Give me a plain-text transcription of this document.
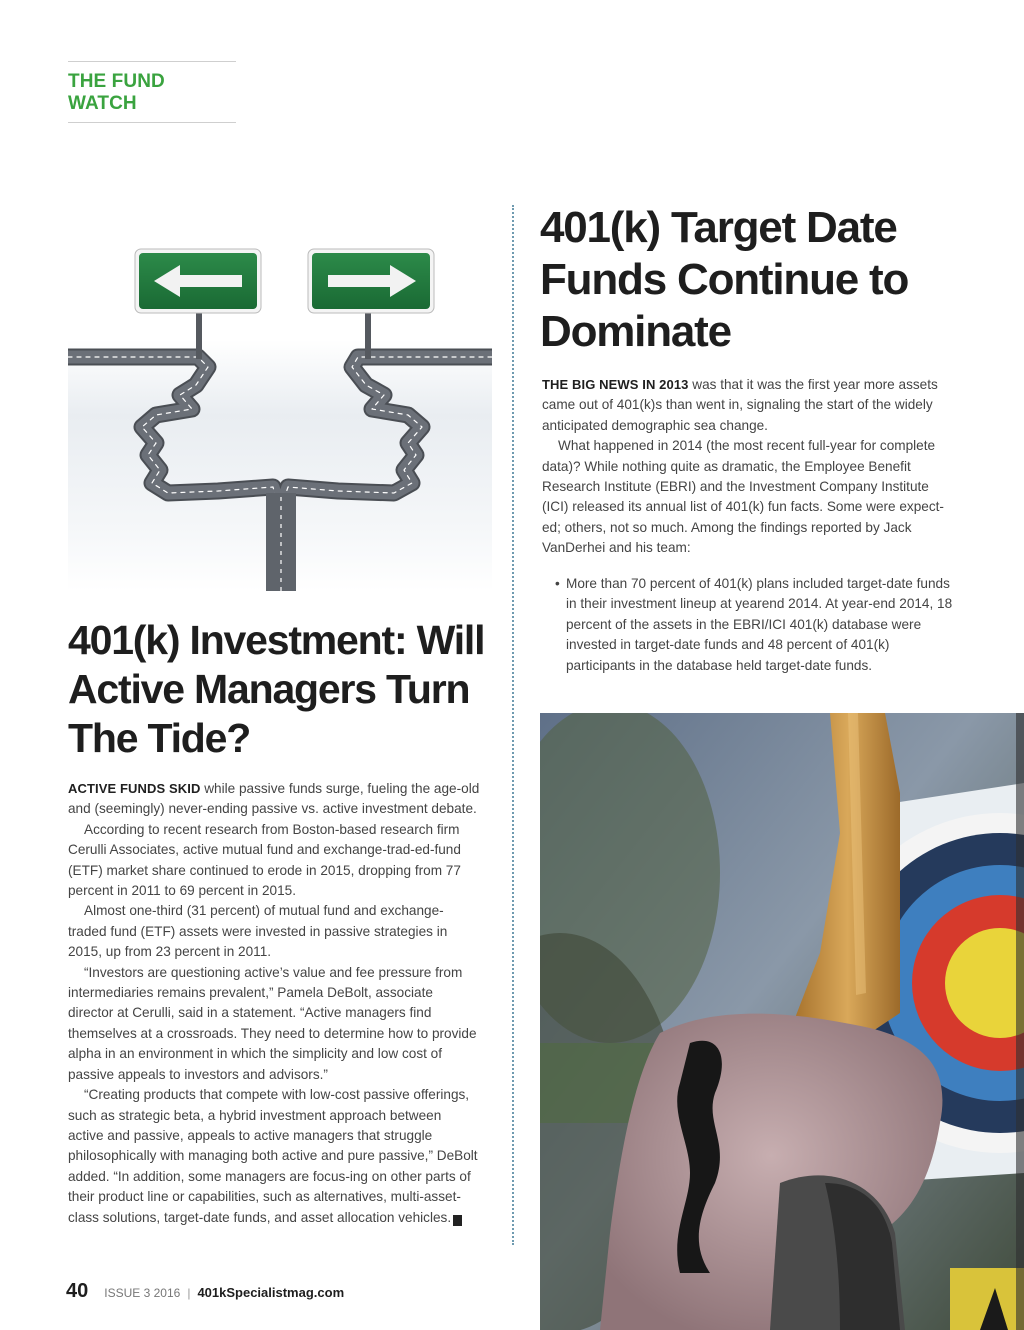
THE FUND WATCH
401(k) Investment: Will Active Managers Turn The Tide?

ACTIVE FUNDS SKID while passive funds surge, fueling the age-old and (seemingly) never-ending passive vs. active investment debate.

According to recent research from Boston-based research firm Cerulli Associates, active mutual fund and exchange-trad-ed-fund (ETF) market share continued to erode in 2015, dropping from 77 percent in 2011 to 69 percent in 2015.

Almost one-third (31 percent) of mutual fund and exchange-traded fund (ETF) assets were invested in passive strategies in 2015, up from 23 percent in 2011.

“Investors are questioning active’s value and fee pressure from intermediaries remains prevalent,” Pamela DeBolt, associate director at Cerulli, said in a statement. “Active managers find themselves at a crossroads. They need to determine how to provide alpha in an environment in which the simplicity and low cost of passive appeals to investors and advisors.”

“Creating products that compete with low-cost passive offerings, such as strategic beta, a hybrid investment approach between active and passive, appeals to active managers that struggle philosophically with managing both active and pure passive,” DeBolt added. “In addition, some managers are focus-ing on other parts of their product line or capabilities, such as alternatives, multi-asset-class solutions, target-date funds, and asset allocation vehicles. K

401(k) Target Date Funds Continue to Dominate

THE BIG NEWS IN 2013 was that it was the first year more assets came out of 401(k)s than went in, signaling the start of the widely anticipated demographic sea change.

What happened in 2014 (the most recent full-year for complete data)? While nothing quite as dramatic, the Employee Benefit Research Institute (EBRI) and the Investment Company Institute (ICI) released its annual list of 401(k) fun facts. Some were expect-ed; others, not so much. Among the findings reported by Jack VanDerhei and his team:

• More than 70 percent of 401(k) plans included target-date funds in their investment lineup at yearend 2014. At year-end 2014, 18 percent of the assets in the EBRI/ICI 401(k) database were invested in target-date funds and 48 percent of 401(k) participants in the database held target-date funds.
40 ISSUE 3 2016 | 401kSpecialistmag.com
